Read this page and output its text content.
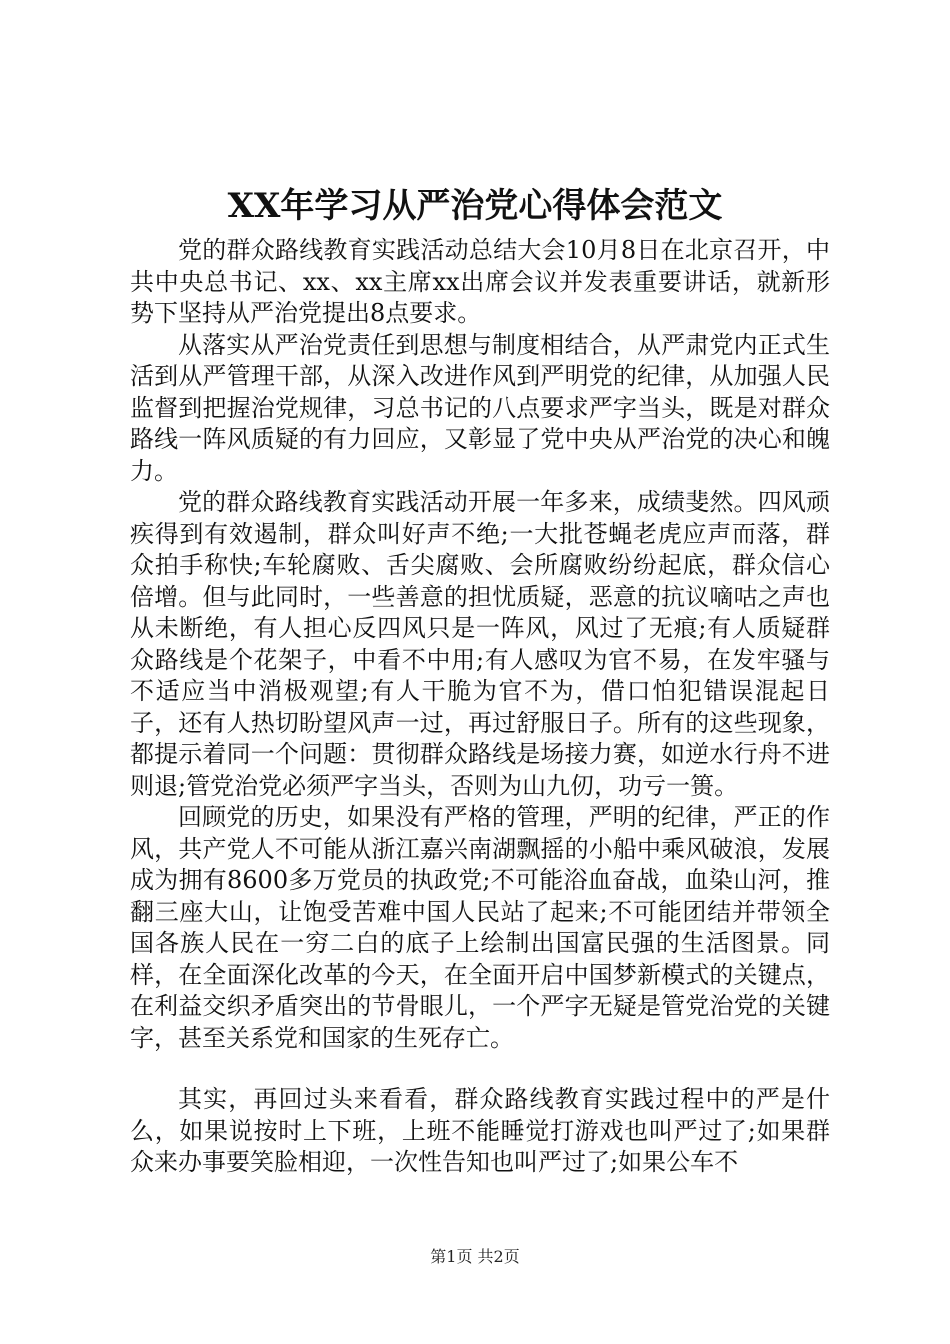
XX年学习从严治党心得体会范文

党的群众路线教育实践活动总结大会10月8日在北京召开，中共中央总书记、xx、xx主席xx出席会议并发表重要讲话，就新形势下坚持从严治党提出8点要求。

从落实从严治党责任到思想与制度相结合，从严肃党内正式生活到从严管理干部，从深入改进作风到严明党的纪律，从加强人民监督到把握治党规律，习总书记的八点要求严字当头，既是对群众路线一阵风质疑的有力回应，又彰显了党中央从严治党的决心和魄力。

党的群众路线教育实践活动开展一年多来，成绩斐然。四风顽疾得到有效遏制，群众叫好声不绝;一大批苍蝇老虎应声而落，群众拍手称快;车轮腐败、舌尖腐败、会所腐败纷纷起底，群众信心倍增。但与此同时，一些善意的担忧质疑，恶意的抗议嘀咕之声也从未断绝，有人担心反四风只是一阵风，风过了无痕;有人质疑群众路线是个花架子，中看不中用;有人感叹为官不易，在发牢骚与不适应当中消极观望;有人干脆为官不为，借口怕犯错误混起日子，还有人热切盼望风声一过，再过舒服日子。所有的这些现象，都提示着同一个问题：贯彻群众路线是场接力赛，如逆水行舟不进则退;管党治党必须严字当头，否则为山九仞，功亏一篑。

回顾党的历史，如果没有严格的管理，严明的纪律，严正的作风，共产党人不可能从浙江嘉兴南湖飘摇的小船中乘风破浪，发展成为拥有8600多万党员的执政党;不可能浴血奋战，血染山河，推翻三座大山，让饱受苦难中国人民站了起来;不可能团结并带领全国各族人民在一穷二白的底子上绘制出国富民强的生活图景。同样，在全面深化改革的今天，在全面开启中国梦新模式的关键点，在利益交织矛盾突出的节骨眼儿，一个严字无疑是管党治党的关键字，甚至关系党和国家的生死存亡。

其实，再回过头来看看，群众路线教育实践过程中的严是什么，如果说按时上下班，上班不能睡觉打游戏也叫严过了;如果群众来办事要笑脸相迎，一次性告知也叫严过了;如果公车不

第1页 共2页
